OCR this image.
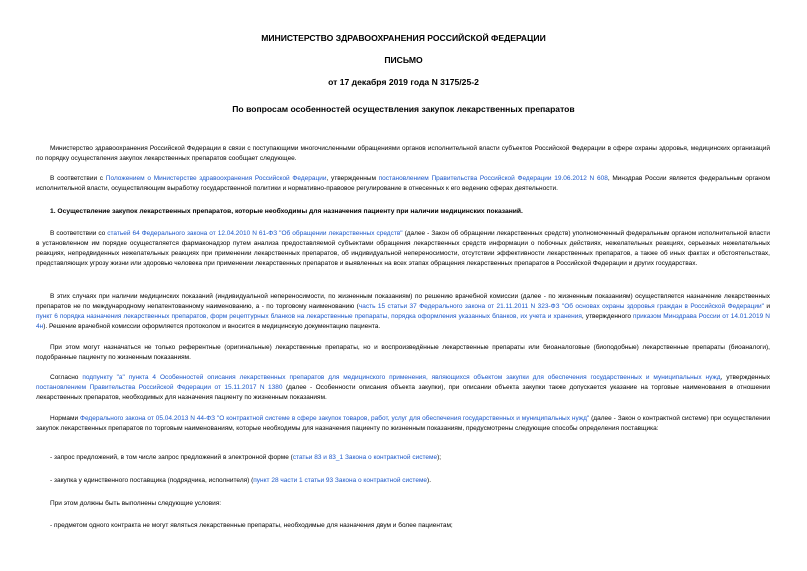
МИНИСТЕРСТВО ЗДРАВООХРАНЕНИЯ РОССИЙСКОЙ ФЕДЕРАЦИИ
ПИСЬМО
от 17 декабря 2019 года N 3175/25-2
По вопросам особенностей осуществления закупок лекарственных препаратов

Министерство здравоохранения Российской Федерации в связи с поступающими многочисленными обращениями органов исполнительной власти субъектов Российской Федерации в сфере охраны здоровья, медицинских организаций по порядку осуществления закупок лекарственных препаратов сообщает следующее.

В соответствии с Положением о Министерстве здравоохранения Российской Федерации, утвержденным постановлением Правительства Российской Федерации 19.06.2012 N 608, Минздрав России является федеральным органом исполнительной власти, осуществляющим выработку государственной политики и нормативно-правовое регулирование в отнесенных к его ведению сферах деятельности.

1. Осуществление закупок лекарственных препаратов, которые необходимы для назначения пациенту при наличии медицинских показаний.

В соответствии со статьей 64 Федерального закона от 12.04.2010 N 61-ФЗ "Об обращении лекарственных средств" (далее - Закон об обращении лекарственных средств) уполномоченный федеральным органом исполнительной власти в установленном им порядке осуществляется фармаконадзор путем анализа предоставляемой субъектами обращения лекарственных средств информации о побочных действиях, нежелательных реакциях, серьезных нежелательных реакциях, непредвиденных нежелательных реакциях при применении лекарственных препаратов, об индивидуальной непереносимости, отсутствии эффективности лекарственных препаратов, а также об иных фактах и обстоятельствах, представляющих угрозу жизни или здоровью человека при применении лекарственных препаратов и выявленных на всех этапах обращения лекарственных препаратов в Российской Федерации и других государствах.

В этих случаях при наличии медицинских показаний (индивидуальной непереносимости, по жизненным показаниям) по решению врачебной комиссии (далее - по жизненным показаниям) осуществляется назначение лекарственных препаратов не по международному непатентованному наименованию, а - по торговому наименованию (часть 15 статьи 37 Федерального закона от 21.11.2011 N 323-ФЗ "Об основах охраны здоровья граждан в Российской Федерации" и пункт 6 порядка назначения лекарственных препаратов, форм рецептурных бланков на лекарственные препараты, порядка оформления указанных бланков, их учета и хранения, утвержденного приказом Минздрава России от 14.01.2019 N 4н). Решение врачебной комиссии оформляется протоколом и вносится в медицинскую документацию пациента.

При этом могут назначаться не только референтные (оригинальные) лекарственные препараты, но и воспроизведённые лекарственные препараты или биоаналоговые (биоподобные) лекарственные препараты (биоаналоги), подобранные пациенту по жизненным показаниям.

Согласно подпункту "а" пункта 4 Особенностей описания лекарственных препаратов для медицинского применения, являющихся объектом закупки для обеспечения государственных и муниципальных нужд, утвержденных постановлением Правительства Российской Федерации от 15.11.2017 N 1380 (далее - Особенности описания объекта закупки), при описании объекта закупки также допускается указание на торговые наименования в отношении лекарственных препаратов, необходимых для назначения пациенту по жизненным показаниям.

Нормами Федерального закона от 05.04.2013 N 44-ФЗ "О контрактной системе в сфере закупок товаров, работ, услуг для обеспечения государственных и муниципальных нужд" (далее - Закон о контрактной системе) при осуществлении закупок лекарственных препаратов по торговым наименованиям, которые необходимы для назначения пациенту по жизненным показаниям, предусмотрены следующие способы определения поставщика:

- запрос предложений, в том числе запрос предложений в электронной форме (статьи 83 и 83_1 Закона о контрактной системе);

- закупка у единственного поставщика (подрядчика, исполнителя) (пункт 28 части 1 статьи 93 Закона о контрактной системе).

При этом должны быть выполнены следующие условия:

- предметом одного контракта не могут являться лекарственные препараты, необходимые для назначения двум и более пациентам;
